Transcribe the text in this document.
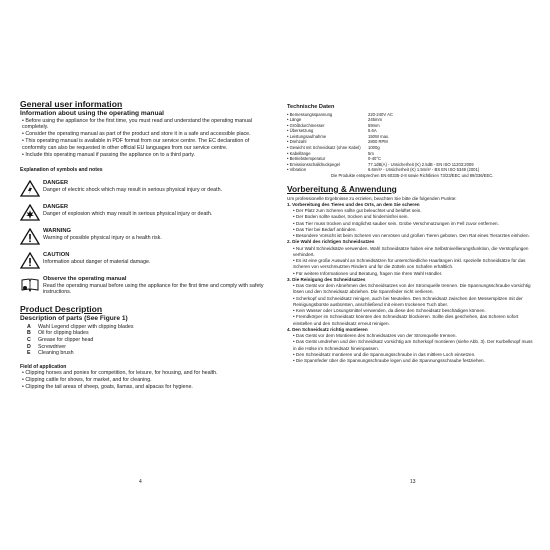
General user information
Information about using the operating manual
• Before using the appliance for the first time, you must read and understand the operating manual completely.
• Consider the operating manual as part of the product and store it in a safe and accessible place.
• This operating manual is available in PDF format from our service centre. The EC declaration of conformity can also be requested in other official EU languages from our service centre.
• Include this operating manual if passing the appliance on to a third party.
Explanation of symbols and notes
DANGER
Danger of electric shock which may result in serious physical injury or death.
DANGER
Danger of explosion which may result in serious physical injury or death.
WARNING
Warning of possible physical injury or a health risk.
CAUTION
Information about danger of material damage.
Observe the operating manual
Read the operating manual before using the appliance for the first time and comply with safety instructions.
Product Description
Description of parts (See Figure 1)
A	Wahl Legend clipper with clipping blades
B	Oil for clipping blades
C	Grease for clipper head
D	Screwdriver
E	Cleaning brush
Field of application
• Clipping horses and ponies for competition, for leisure, for housing, and for health.
• Clipping cattle for shows, for market, and for cleaning.
• Clipping the tail areas of sheep, goats, llamas, and alpacas for hygiene.
4
Technische Daten
• Bemessungsspannung	220-240V AC
• Länge	245mm
• Größtdurchmesser	59mm
• Übersetzung	5.6A
• Leistungsaufnahme	150W max.
• Drehzahl	2800 RPM
• Gewicht mit Schneidsatz (ohne Kabel)	1000g
• Kabellänge	5m
• Betriebstemperatur	0-40°C
• Emissionsschalldruckpegel	77.1dB(A) - Unsicherheit (K) 2.5dB - EN ISO 11203:2009
• Vibration	6.6m/s² - Unsicherheit (K) 1.5m/s² - BS EN ISO 5349 (2001)
Die Produkte entsprechen EN 60335-2-8 sowie Richtlinien 73/23/EEC und 89/336/EEC.
Vorbereitung & Anwendung
Um professionelle Ergebnisse zu erzielen, beachten Sie bitte die folgenden Punkte:
1. Vorbereitung des Tieres und des Orts, an dem Sie scheren
• Der Platz zum Scheren sollte gut beleuchtet und belüftet sein.
• Der Boden sollte sauber, trocken und hindernisfrei sein.
• Das Tier muss trocken und möglichst sauber sein. Grobe Verschmutzungen im Fell zuvor entfernen.
• Das Tier bei Bedarf anbinden.
• Besondere Vorsicht ist beim Scheren von nervösen und großen Tieren geboten. Den Rat eines Tierarztes einholen.
2. Die Wahl des richtigen Schneidsatzes
• Nur Wahl Schneidsätze verwenden. Wahl Schneidsätze haben eine Selbstnivellierungsfunktion, die Verstopfungen verhindert.
• Es ist eine große Auswahl an Schneidsätzen für unterschiedliche Haarlängen inkl. spezielle Schneidsätze für das Scheren von verschmutzten Rindern und für die Zotteln von Schafen erhältlich.
• Für weitere Informationen und Beratung, fragen Sie Ihren Wahl Händler.
3. Die Reinigung des Schneidsatzes
• Das Gerät vor dem Abnehmen des Schneidsatzes von der Stromquelle trennen. Die Spannungsschraube vorsichtig lösen und den Schneidsatz abziehen. Die Spannfeder nicht verlieren.
• Scherkopf und Schneidsatz reinigen, auch bei Neuteilen. Den Schneidsatz zwischen den Messerspitzen mit der Reinigungsbürste ausbürsten, anschließend mit einem trockenen Tuch über.
• Kein Wasser oder Lösungsmittel verwenden, da diese den Schneidsatz beschädigen können.
• Fremdkörper im Schneidsatz könnten den Schneidsatz blockieren. Sollte dies geschehen, das Scheren sofort einstellen und den Schneidsatz erneut reinigen.
4. Den Schneidsatz richtig montieren
• Das Gerät vor dem Montieren des Schneidsatzes von der Stromquelle trennen.
• Das Gerät umdrehen und den Schneidsatz vorsichtig am Scherkopf montieren (siehe Abb. 3). Der Kurbelknopf muss in die Hülse im Schneidsatz hineinpassen.
• Den Schneidsatz montieren und die Spannungsschraube in das mittlere Loch einsetzen.
• Die Spannfeder über die Spannungsschraube legen und die Spannungsschraube festziehen.
13
